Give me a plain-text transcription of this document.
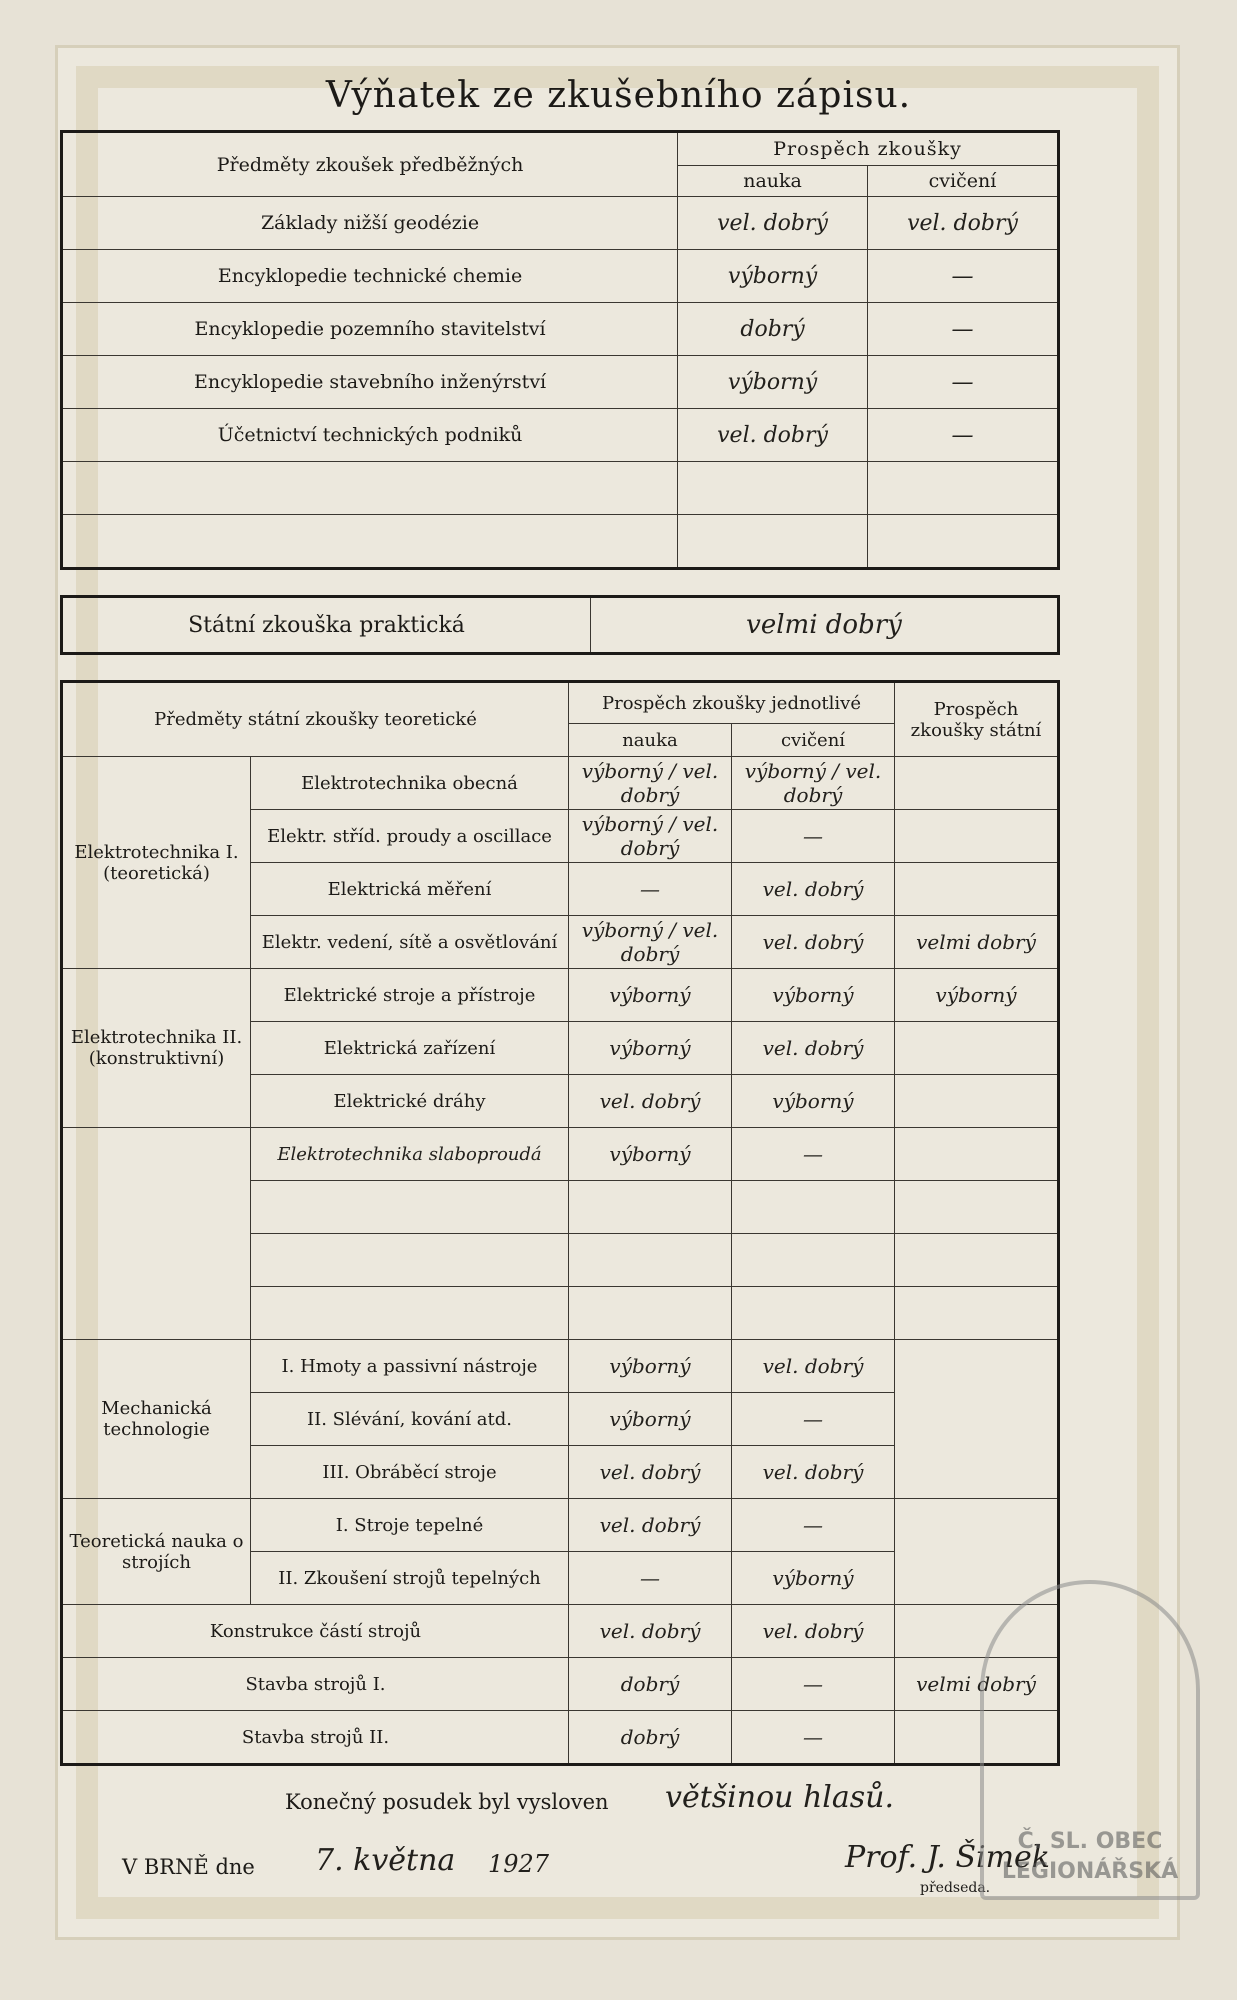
Výňatek ze zkušebního zápisu.
Předměty zkoušek předběžných	Prospěch zkoušky	
	nauka	cvičení
Základy nižší geodézie	vel. dobrý	vel. dobrý
Encyklopedie technické chemie	výborný	—
Encyklopedie pozemního stavitelství	dobrý	—
Encyklopedie stavebního inženýrství	výborný	—
Účetnictví technických podniků	vel. dobrý	—

Státní zkouška praktická	velmi dobrý
Předměty státní zkoušky teoretické		Prospěch zkoušky jednotlivé		Prospěch zkoušky státní
		nauka	cvičení	
Elektrotechnika I. (teoretická)	Elektrotechnika obecná	výborný / vel. dobrý	výborný / vel. dobrý	
	Elektr. stříd. proudy a oscillace	výborný / vel. dobrý	—	
	Elektrická měření	—	vel. dobrý	
	Elektr. vedení, sítě a osvětlování	výborný / vel. dobrý	vel. dobrý	velmi dobrý
Elektrotechnika II. (konstruktivní)	Elektrické stroje a přístroje	výborný	výborný	výborný
	Elektrická zařízení	výborný	vel. dobrý	
	Elektrické dráhy	vel. dobrý	výborný	
	Elektrotechnika slaboproudá	výborný	—	

Mechanická technologie	I. Hmoty a passivní nástroje	výborný	vel. dobrý	
	II. Slévání, kování atd.	výborný	—	
	III. Obráběcí stroje	vel. dobrý	vel. dobrý	
Teoretická nauka o strojích	I. Stroje tepelné	vel. dobrý	—	
	II. Zkoušení strojů tepelných	—	výborný	
Konstrukce částí strojů		vel. dobrý	vel. dobrý	
Stavba strojů I.		dobrý	—	velmi dobrý
Stavba strojů II.		dobrý	—	
Konečný posudek byl vysloven většinou hlasů.
V BRNĚ dne 7. května 1927	Prof. J. Šimek
předseda.
Č. SL. OBEC
LEGIONÁŘSKÁ
